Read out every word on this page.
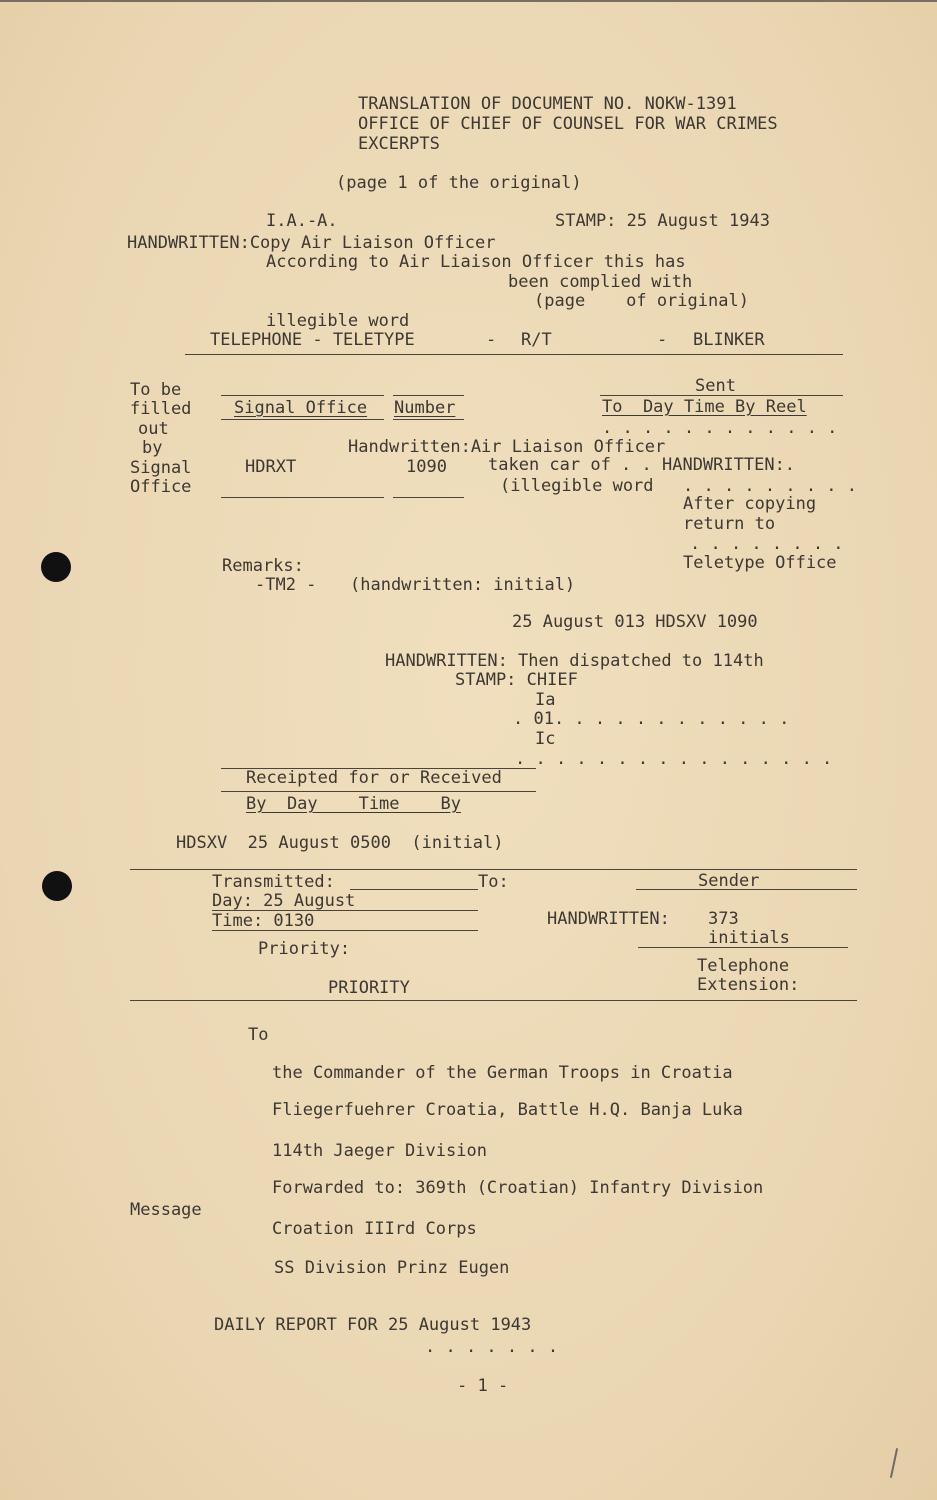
TRANSLATION OF DOCUMENT NO. NOKW-1391
OFFICE OF CHIEF OF COUNSEL FOR WAR CRIMES
EXCERPTS
(page 1 of the original)
I.A.-A.	STAMP: 25 August 1943
HANDWRITTEN:Copy Air Liaison Officer
According to Air Liaison Officer this has
been complied with
(page    of original)
illegible word
TELEPHONE - TELETYPE	- R/T	- BLINKER
To be
filled
out
by
Signal
Office
Signal Office Number
Sent
To  Day Time By Reel
. . . . . . . . . . . .
Handwritten:Air Liaison Officer
HDRXT	1090 taken car of . . HANDWRITTEN:.
(illegible word . . . . . . . . .
After copying
return to
. . . . . . . .
Remarks:	Teletype Office
-TM2 - (handwritten: initial)
25 August 013 HDSXV 1090
HANDWRITTEN: Then dispatched to 114th
STAMP: CHIEF
Ia
. 01. . . . . . . . . . . .
Ic
. . . . . . . . . . . . . . . .
Receipted for or Received
By  Day    Time    By
HDSXV  25 August 0500  (initial)
Transmitted:	To:	Sender
Day: 25 August
Time: 0130	HANDWRITTEN: 373
initials
Priority:
Telephone
Extension:
PRIORITY
To
the Commander of the German Troops in Croatia
Fliegerfuehrer Croatia, Battle H.Q. Banja Luka
114th Jaeger Division
Forwarded to: 369th (Croatian) Infantry Division
Message
Croation IIIrd Corps
SS Division Prinz Eugen
DAILY REPORT FOR 25 August 1943
. . . . . . .
- 1 -
